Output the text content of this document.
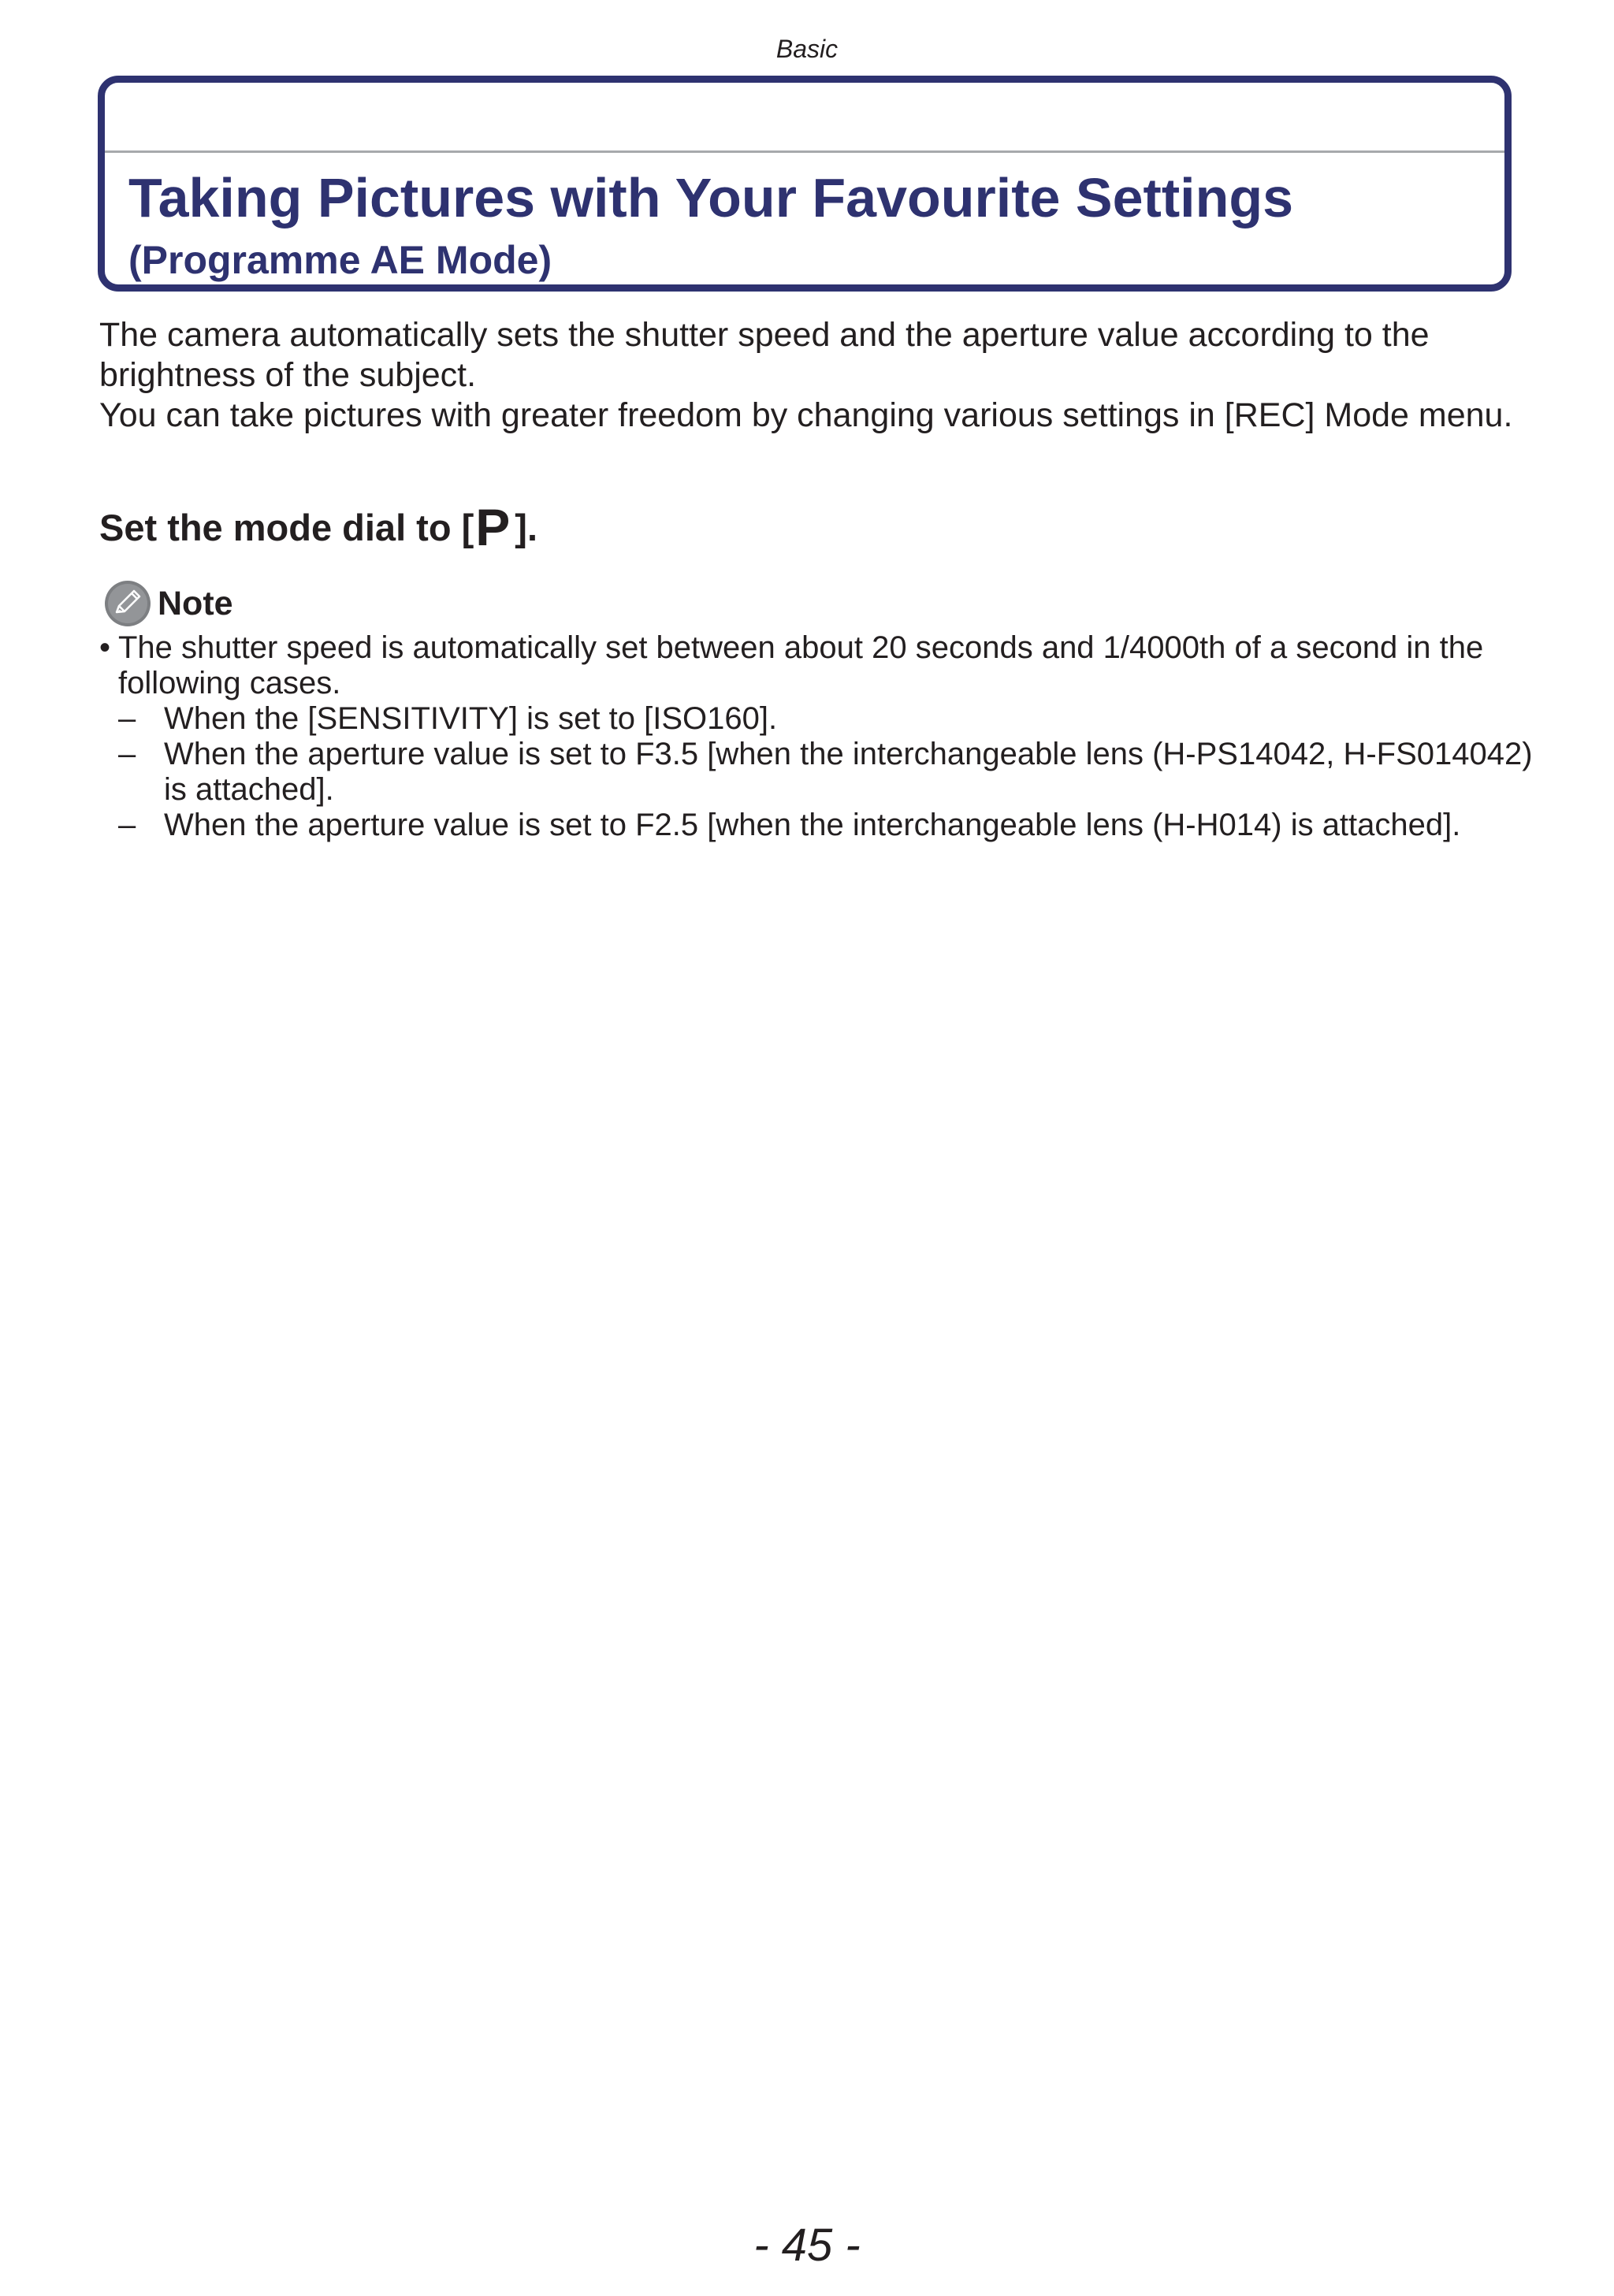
Basic
Taking Pictures with Your Favourite Settings
(Programme AE Mode)

The camera automatically sets the shutter speed and the aperture value according to the brightness of the subject.

You can take pictures with greater freedom by changing various settings in [REC] Mode menu.

Set the mode dial to [P ].
Note
• The shutter speed is automatically set between about 20 seconds and 1/4000th of a second in the following cases.
– When the [SENSITIVITY] is set to [ISO160].
– When the aperture value is set to F3.5 [when the interchangeable lens (H-PS14042, H-FS014042) is attached].
– When the aperture value is set to F2.5 [when the interchangeable lens (H-H014) is attached].
- 45 -
